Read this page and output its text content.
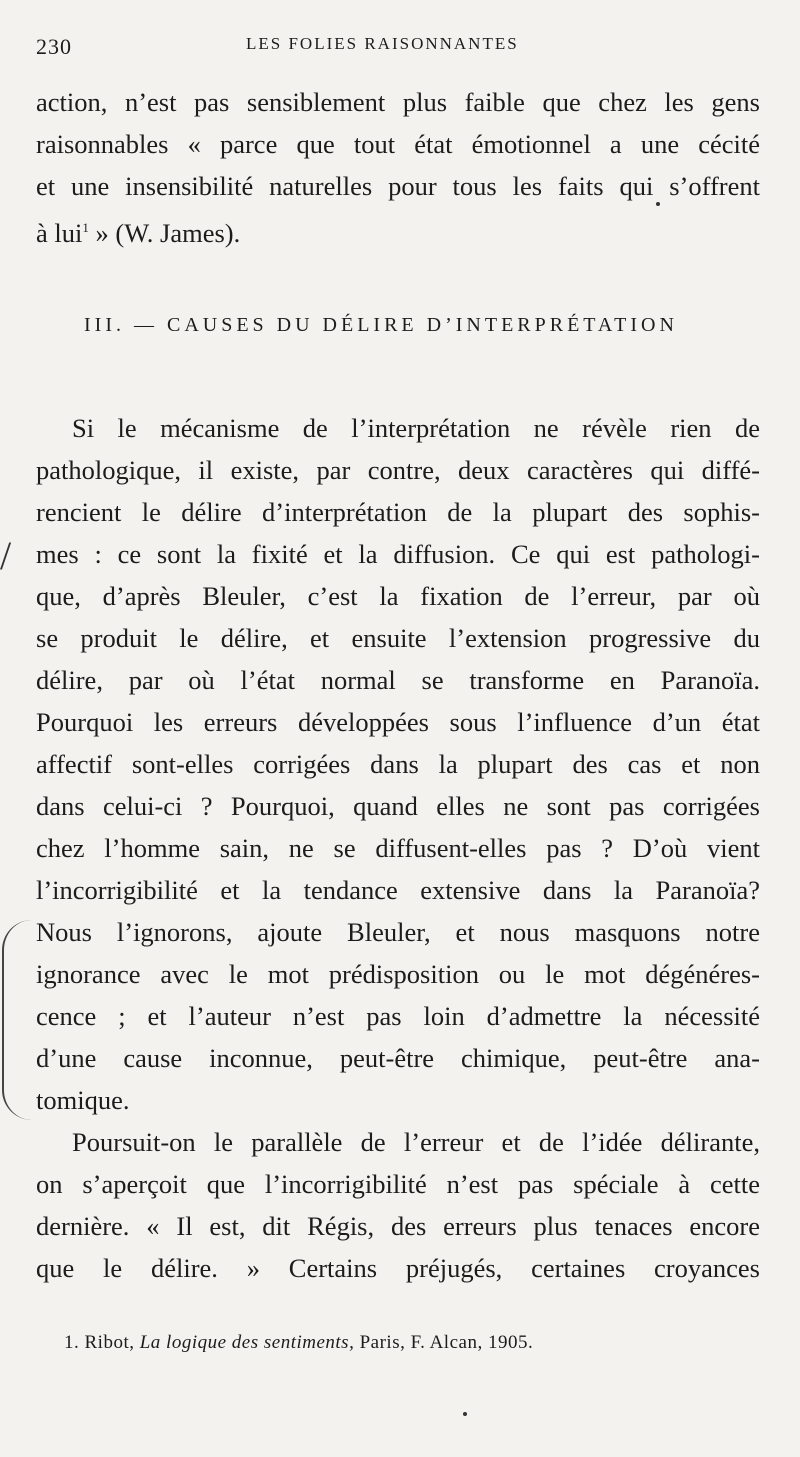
230	LES FOLIES RAISONNANTES
action, n’est pas sensiblement plus faible que chez les gens
raisonnables « parce que tout état émotionnel a une cécité
et une insensibilité naturelles pour tous les faits qui s’offrent
à lui$^1$ » (W. James).
III. — CAUSES DU DÉLIRE D’INTERPRÉTATION
Si le mécanisme de l’interprétation ne révèle rien de
pathologique, il existe, par contre, deux caractères qui diffé-
rencient le délire d’interprétation de la plupart des sophis-
mes : ce sont la fixité et la diffusion. Ce qui est pathologi-
que, d’après Bleuler, c’est la fixation de l’erreur, par où
se produit le délire, et ensuite l’extension progressive du
délire, par où l’état normal se transforme en Paranoïa.
Pourquoi les erreurs développées sous l’influence d’un état
affectif sont-elles corrigées dans la plupart des cas et non
dans celui-ci ? Pourquoi, quand elles ne sont pas corrigées
chez l’homme sain, ne se diffusent-elles pas ? D’où vient
l’incorrigibilité et la tendance extensive dans la Paranoïa?
Nous l’ignorons, ajoute Bleuler, et nous masquons notre
ignorance avec le mot prédisposition ou le mot dégénéres-
cence ; et l’auteur n’est pas loin d’admettre la nécessité
d’une cause inconnue, peut-être chimique, peut-être ana-
tomique.
Poursuit-on le parallèle de l’erreur et de l’idée délirante,
on s’aperçoit que l’incorrigibilité n’est pas spéciale à cette
dernière. « Il est, dit Régis, des erreurs plus tenaces encore
que le délire. » Certains préjugés, certaines croyances
1. Ribot, La logique des sentiments, Paris, F. Alcan, 1905.
/
